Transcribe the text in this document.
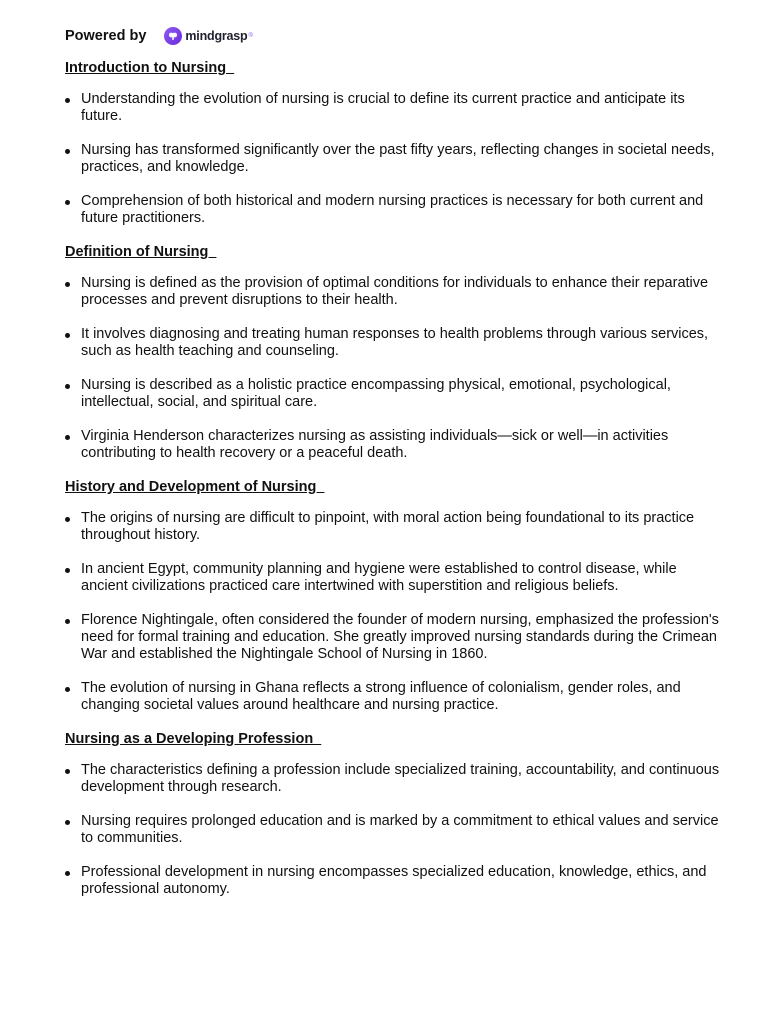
Powered by	mindgrasp ®
Introduction to Nursing
Understanding the evolution of nursing is crucial to define its current practice and anticipate its future.
Nursing has transformed significantly over the past fifty years, reflecting changes in societal needs, practices, and knowledge.
Comprehension of both historical and modern nursing practices is necessary for both current and future practitioners.
Definition of Nursing
Nursing is defined as the provision of optimal conditions for individuals to enhance their reparative processes and prevent disruptions to their health.
It involves diagnosing and treating human responses to health problems through various services, such as health teaching and counseling.
Nursing is described as a holistic practice encompassing physical, emotional, psychological, intellectual, social, and spiritual care.
Virginia Henderson characterizes nursing as assisting individuals—sick or well—in activities contributing to health recovery or a peaceful death.
History and Development of Nursing
The origins of nursing are difficult to pinpoint, with moral action being foundational to its practice throughout history.
In ancient Egypt, community planning and hygiene were established to control disease, while ancient civilizations practiced care intertwined with superstition and religious beliefs.
Florence Nightingale, often considered the founder of modern nursing, emphasized the profession's need for formal training and education. She greatly improved nursing standards during the Crimean War and established the Nightingale School of Nursing in 1860.
The evolution of nursing in Ghana reflects a strong influence of colonialism, gender roles, and changing societal values around healthcare and nursing practice.
Nursing as a Developing Profession
The characteristics defining a profession include specialized training, accountability, and continuous development through research.
Nursing requires prolonged education and is marked by a commitment to ethical values and service to communities.
Professional development in nursing encompasses specialized education, knowledge, ethics, and professional autonomy.
